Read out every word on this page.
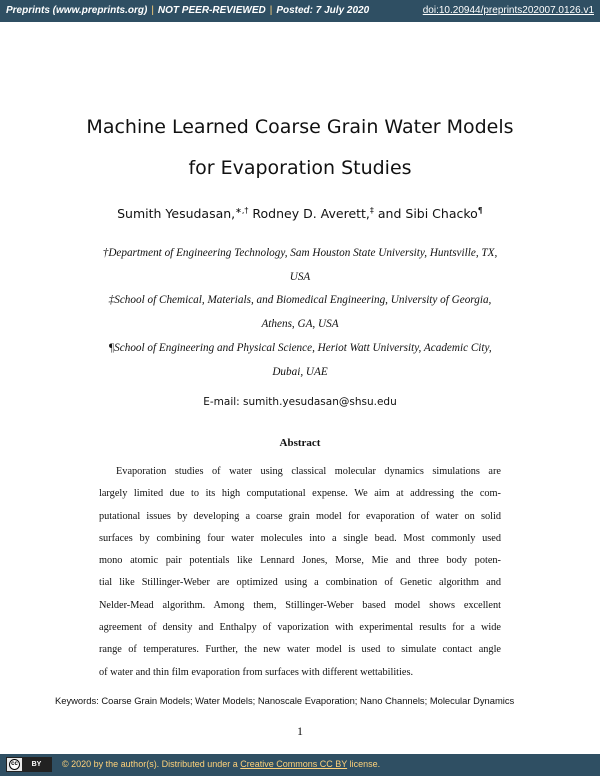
Preprints (www.preprints.org) | NOT PEER-REVIEWED | Posted: 7 July 2020	doi:10.20944/preprints202007.0126.v1
Machine Learned Coarse Grain Water Models
for Evaporation Studies
Sumith Yesudasan,∗,† Rodney D. Averett,‡ and Sibi Chacko¶
†Department of Engineering Technology, Sam Houston State University, Huntsville, TX,
USA
‡School of Chemical, Materials, and Biomedical Engineering, University of Georgia,
Athens, GA, USA
¶School of Engineering and Physical Science, Heriot Watt University, Academic City,
Dubai, UAE
E-mail: sumith.yesudasan@shsu.edu
Abstract
Evaporation studies of water using classical molecular dynamics simulations are
largely limited due to its high computational expense. We aim at addressing the com-
putational issues by developing a coarse grain model for evaporation of water on solid
surfaces by combining four water molecules into a single bead. Most commonly used
mono atomic pair potentials like Lennard Jones, Morse, Mie and three body poten-
tial like Stillinger-Weber are optimized using a combination of Genetic algorithm and
Nelder-Mead algorithm. Among them, Stillinger-Weber based model shows excellent
agreement of density and Enthalpy of vaporization with experimental results for a wide
range of temperatures. Further, the new water model is used to simulate contact angle
of water and thin film evaporation from surfaces with different wettabilities.
Keywords: Coarse Grain Models; Water Models; Nanoscale Evaporation; Nano Channels; Molecular Dynamics
1
cc	BY	© 2020 by the author(s). Distributed under a Creative Commons CC BY license.
